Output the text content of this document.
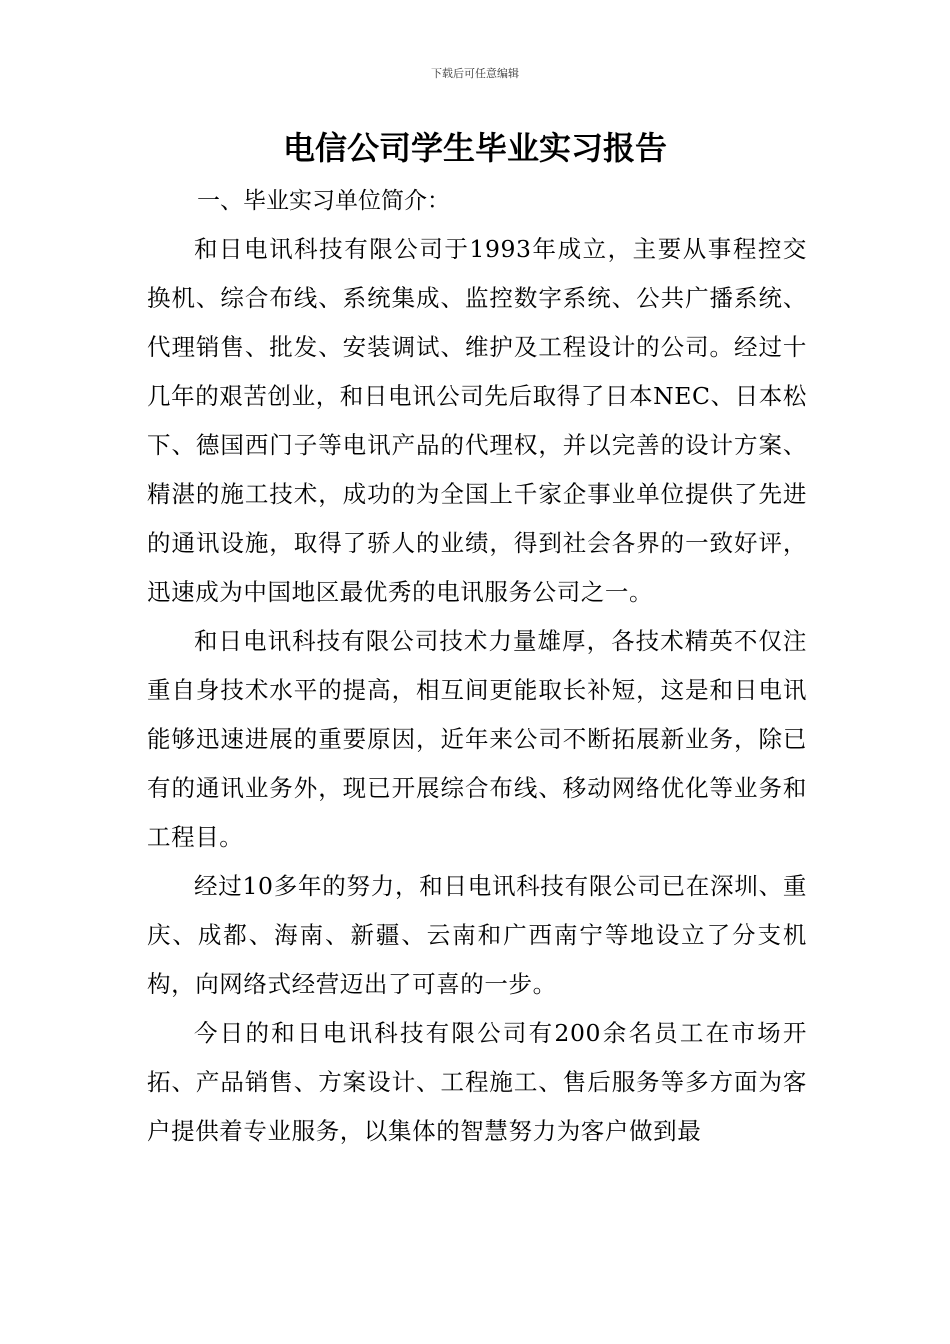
下载后可任意编辑
电信公司学生毕业实习报告
一、毕业实习单位简介：

和日电讯科技有限公司于1993年成立，主要从事程控交换机、综合布线、系统集成、监控数字系统、公共广播系统、代理销售、批发、安装调试、维护及工程设计的公司。经过十几年的艰苦创业，和日电讯公司先后取得了日本NEC、日本松下、德国西门子等电讯产品的代理权，并以完善的设计方案、精湛的施工技术，成功的为全国上千家企事业单位提供了先进的通讯设施，取得了骄人的业绩，得到社会各界的一致好评，迅速成为中国地区最优秀的电讯服务公司之一。

和日电讯科技有限公司技术力量雄厚，各技术精英不仅注重自身技术水平的提高，相互间更能取长补短，这是和日电讯能够迅速进展的重要原因，近年来公司不断拓展新业务，除已有的通讯业务外，现已开展综合布线、移动网络优化等业务和工程目。

经过10多年的努力，和日电讯科技有限公司已在深圳、重庆、成都、海南、新疆、云南和广西南宁等地设立了分支机构，向网络式经营迈出了可喜的一步。

今日的和日电讯科技有限公司有200余名员工在市场开拓、产品销售、方案设计、工程施工、售后服务等多方面为客户提供着专业服务，以集体的智慧努力为客户做到最
